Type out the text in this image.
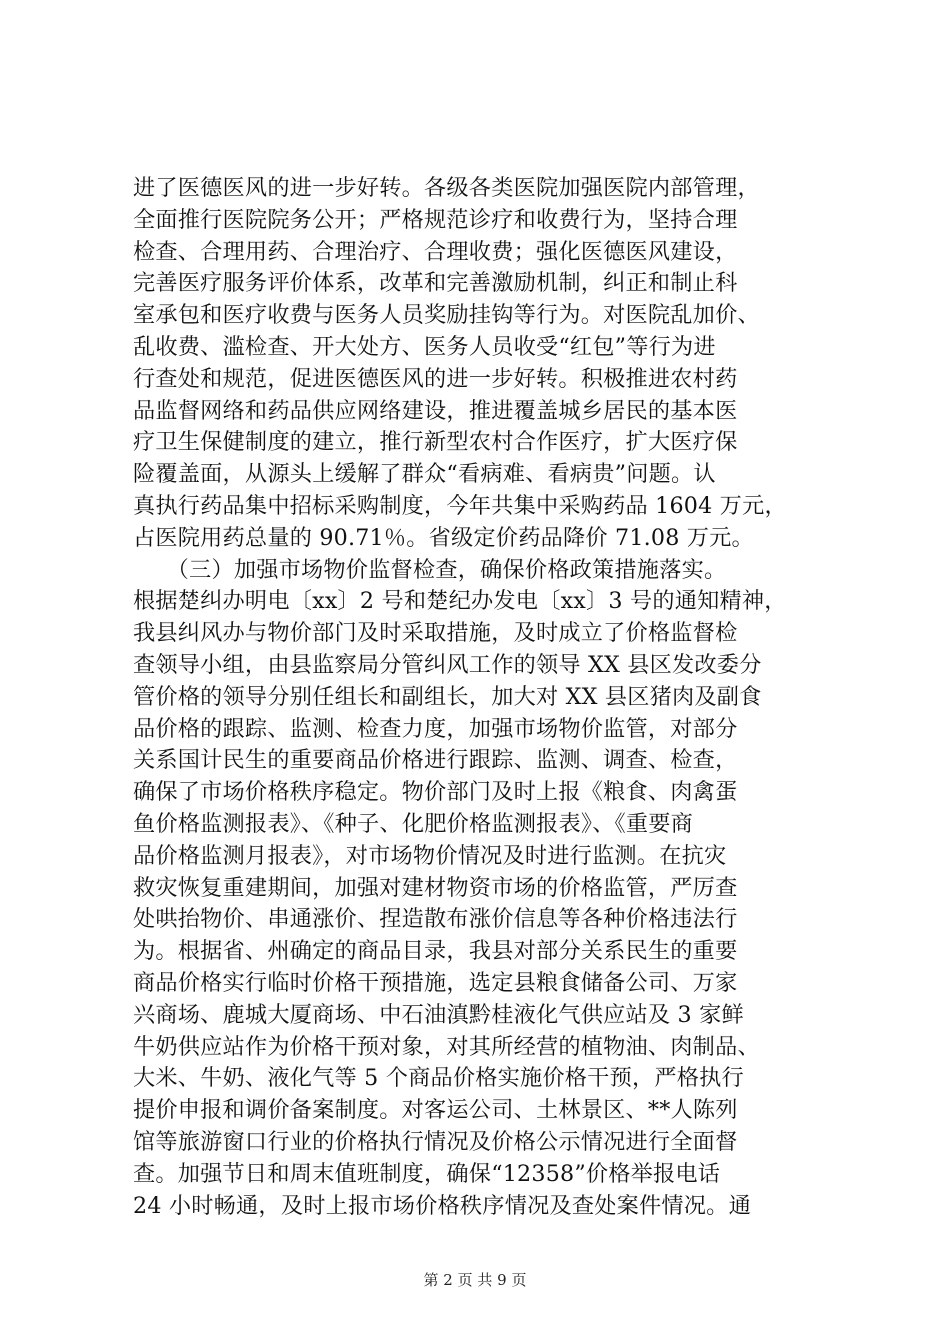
进了医德医风的进一步好转。各级各类医院加强医院内部管理，
全面推行医院院务公开；严格规范诊疗和收费行为，坚持合理
检查、合理用药、合理治疗、合理收费；强化医德医风建设，
完善医疗服务评价体系，改革和完善激励机制，纠正和制止科
室承包和医疗收费与医务人员奖励挂钩等行为。对医院乱加价、
乱收费、滥检查、开大处方、医务人员收受“红包”等行为进
行查处和规范，促进医德医风的进一步好转。积极推进农村药
品监督网络和药品供应网络建设，推进覆盖城乡居民的基本医
疗卫生保健制度的建立，推行新型农村合作医疗，扩大医疗保
险覆盖面，从源头上缓解了群众“看病难、看病贵”问题。认
真执行药品集中招标采购制度，今年共集中采购药品 1604 万元，
占医院用药总量的 90.71％。省级定价药品降价 71.08 万元。
　　（三）加强市场物价监督检查，确保价格政策措施落实。
根据楚纠办明电〔xx〕2 号和楚纪办发电〔xx〕3 号的通知精神，
我县纠风办与物价部门及时采取措施，及时成立了价格监督检
查领导小组，由县监察局分管纠风工作的领导 XX 县区发改委分
管价格的领导分别任组长和副组长，加大对 XX 县区猪肉及副食
品价格的跟踪、监测、检查力度，加强市场物价监管，对部分
关系国计民生的重要商品价格进行跟踪、监测、调查、检查，
确保了市场价格秩序稳定。物价部门及时上报《粮食、肉禽蛋
鱼价格监测报表》、《种子、化肥价格监测报表》、《重要商
品价格监测月报表》，对市场物价情况及时进行监测。在抗灾
救灾恢复重建期间，加强对建材物资市场的价格监管，严厉查
处哄抬物价、串通涨价、捏造散布涨价信息等各种价格违法行
为。根据省、州确定的商品目录，我县对部分关系民生的重要
商品价格实行临时价格干预措施，选定县粮食储备公司、万家
兴商场、鹿城大厦商场、中石油滇黔桂液化气供应站及 3 家鲜
牛奶供应站作为价格干预对象，对其所经营的植物油、肉制品、
大米、牛奶、液化气等 5 个商品价格实施价格干预，严格执行
提价申报和调价备案制度。对客运公司、土林景区、**人陈列
馆等旅游窗口行业的价格执行情况及价格公示情况进行全面督
查。加强节日和周末值班制度，确保“12358”价格举报电话
24 小时畅通，及时上报市场价格秩序情况及查处案件情况。通
第 2 页 共 9 页
